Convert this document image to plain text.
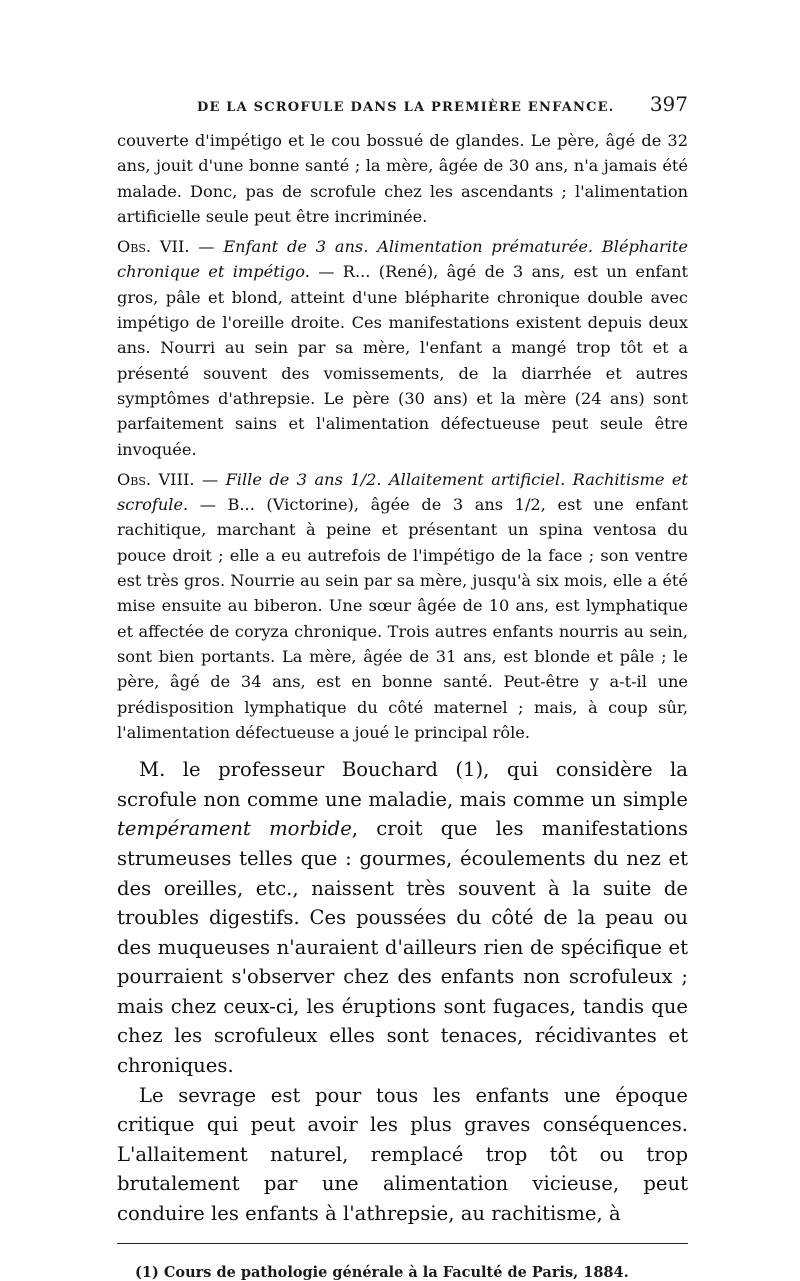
DE LA SCROFULE DANS LA PREMIÈRE ENFANCE. 397

couverte d'impétigo et le cou bossué de glandes. Le père, âgé de 32 ans, jouit d'une bonne santé ; la mère, âgée de 30 ans, n'a jamais été malade. Donc, pas de scrofule chez les ascendants ; l'alimentation artificielle seule peut être incriminée.

Obs. VII. — Enfant de 3 ans. Alimentation prématurée. Blépharite chronique et impétigo. — R... (René), âgé de 3 ans, est un enfant gros, pâle et blond, atteint d'une blépharite chronique double avec impétigo de l'oreille droite. Ces manifestations existent depuis deux ans. Nourri au sein par sa mère, l'enfant a mangé trop tôt et a présenté souvent des vomissements, de la diarrhée et autres symptômes d'athrepsie. Le père (30 ans) et la mère (24 ans) sont parfaitement sains et l'alimentation défectueuse peut seule être invoquée.

Obs. VIII. — Fille de 3 ans 1/2. Allaitement artificiel. Rachitisme et scrofule. — B... (Victorine), âgée de 3 ans 1/2, est une enfant rachitique, marchant à peine et présentant un spina ventosa du pouce droit ; elle a eu autrefois de l'impétigo de la face ; son ventre est très gros. Nourrie au sein par sa mère, jusqu'à six mois, elle a été mise ensuite au biberon. Une sœur âgée de 10 ans, est lymphatique et affectée de coryza chronique. Trois autres enfants nourris au sein, sont bien portants. La mère, âgée de 31 ans, est blonde et pâle ; le père, âgé de 34 ans, est en bonne santé. Peut-être y a-t-il une prédisposition lymphatique du côté maternel ; mais, à coup sûr, l'alimentation défectueuse a joué le principal rôle.

M. le professeur Bouchard (1), qui considère la scrofule non comme une maladie, mais comme un simple tempérament morbide, croit que les manifestations strumeuses telles que : gourmes, écoulements du nez et des oreilles, etc., naissent très souvent à la suite de troubles digestifs. Ces poussées du côté de la peau ou des muqueuses n'auraient d'ailleurs rien de spécifique et pourraient s'observer chez des enfants non scrofuleux ; mais chez ceux-ci, les éruptions sont fugaces, tandis que chez les scrofuleux elles sont tenaces, récidivantes et chroniques.

Le sevrage est pour tous les enfants une époque critique qui peut avoir les plus graves conséquences. L'allaitement naturel, remplacé trop tôt ou trop brutalement par une alimentation vicieuse, peut conduire les enfants à l'athrepsie, au rachitisme, à

(1) Cours de pathologie générale à la Faculté de Paris, 1884.
